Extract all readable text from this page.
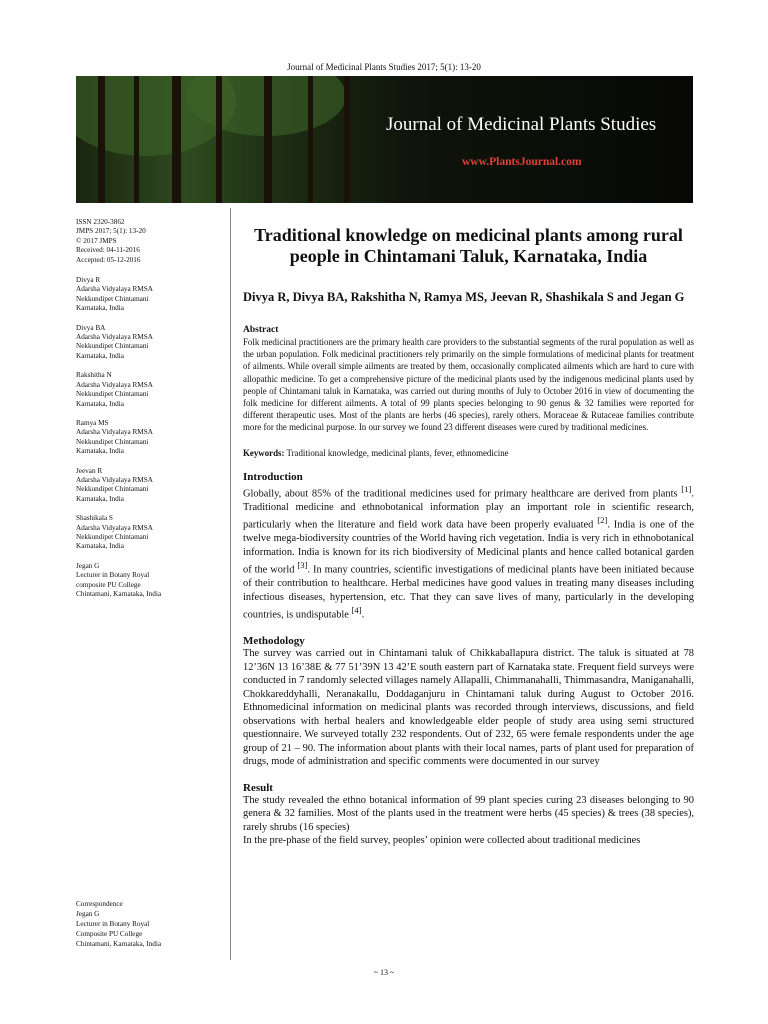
Journal of Medicinal Plants Studies 2017; 5(1): 13-20
Journal of Medicinal Plants Studies
www.PlantsJournal.com
ISSN 2320-3862
JMPS 2017; 5(1): 13-20
© 2017 JMPS
Received: 04-11-2016
Accepted: 05-12-2016
Divya R
Adarsha Vidyalaya RMSA
Nekkundipet Chintamani
Karnataka, India
Divya BA
Adarsha Vidyalaya RMSA
Nekkundipet Chintamani
Karnataka, India
Rakshitha N
Adarsha Vidyalaya RMSA
Nekkundipet Chintamani
Karnataka, India
Ramya MS
Adarsha Vidyalaya RMSA
Nekkundipet Chintamani
Karnataka, India
Jeevan R
Adarsha Vidyalaya RMSA
Nekkundipet Chintamani
Karnataka, India
Shashikala S
Adarsha Vidyalaya RMSA
Nekkundipet Chintamani
Karnataka, India
Jegan G
Lecturer in Botany Royal
composite PU College
Chintamani, Karnataka, India
Correspondence
Jegan G
Lecturer in Botany Royal
Composite PU College
Chintamani, Karnataka, India
Traditional knowledge on medicinal plants among rural people in Chintamani Taluk, Karnataka, India
Divya R, Divya BA, Rakshitha N, Ramya MS, Jeevan R, Shashikala S and Jegan G
Abstract

Folk medicinal practitioners are the primary health care providers to the substantial segments of the rural population as well as the urban population. Folk medicinal practitioners rely primarily on the simple formulations of medicinal plants for treatment of ailments. While overall simple ailments are treated by them, occasionally complicated ailments which are hard to cure with allopathic medicine. To get a comprehensive picture of the medicinal plants used by the indigenous medicinal plants used by people of Chintamani taluk in Karnataka, was carried out during months of July to October 2016 in view of documenting the folk medicine for different ailments. A total of 99 plants species belonging to 90 genus & 32 families were reported for different therapeutic uses. Most of the plants are herbs (46 species), rarely others. Moraceae & Rutaceae families contribute more for the medicinal purpose. In our survey we found 23 different diseases were cured by traditional medicines.

Keywords: Traditional knowledge, medicinal plants, fever, ethnomedicine
Introduction

Globally, about 85% of the traditional medicines used for primary healthcare are derived from plants [1]. Traditional medicine and ethnobotanical information play an important role in scientific research, particularly when the literature and field work data have been properly evaluated [2]. India is one of the twelve mega-biodiversity countries of the World having rich vegetation. India is very rich in ethnobotanical information. India is known for its rich biodiversity of Medicinal plants and hence called botanical garden of the world [3]. In many countries, scientific investigations of medicinal plants have been initiated because of their contribution to healthcare. Herbal medicines have good values in treating many diseases including infectious diseases, hypertension, etc. That they can save lives of many, particularly in the developing countries, is undisputable [4].

Methodology

The survey was carried out in Chintamani taluk of Chikkaballapura district. The taluk is situated at 78 12’36N 13 16’38E & 77 51’39N 13 42’E south eastern part of Karnataka state. Frequent field surveys were conducted in 7 randomly selected villages namely Allapalli, Chimmanahalli, Thimmasandra, Maniganahalli, Chokkareddyhalli, Neranakallu, Doddaganjuru in Chintamani taluk during August to October 2016. Ethnomedicinal information on medicinal plants was recorded through interviews, discussions, and field observations with herbal healers and knowledgeable elder people of study area using semi structured questionnaire. We surveyed totally 232 respondents. Out of 232, 65 were female respondents under the age group of 21 – 90. The information about plants with their local names, parts of plant used for preparation of drugs, mode of administration and specific comments were documented in our survey

Result

The study revealed the ethno botanical information of 99 plant species curing 23 diseases belonging to 90 genera & 32 families. Most of the plants used in the treatment were herbs (45 species) & trees (38 species), rarely shrubs (16 species)

In the pre-phase of the field survey, peoples’ opinion were collected about traditional medicines

~ 13 ~
